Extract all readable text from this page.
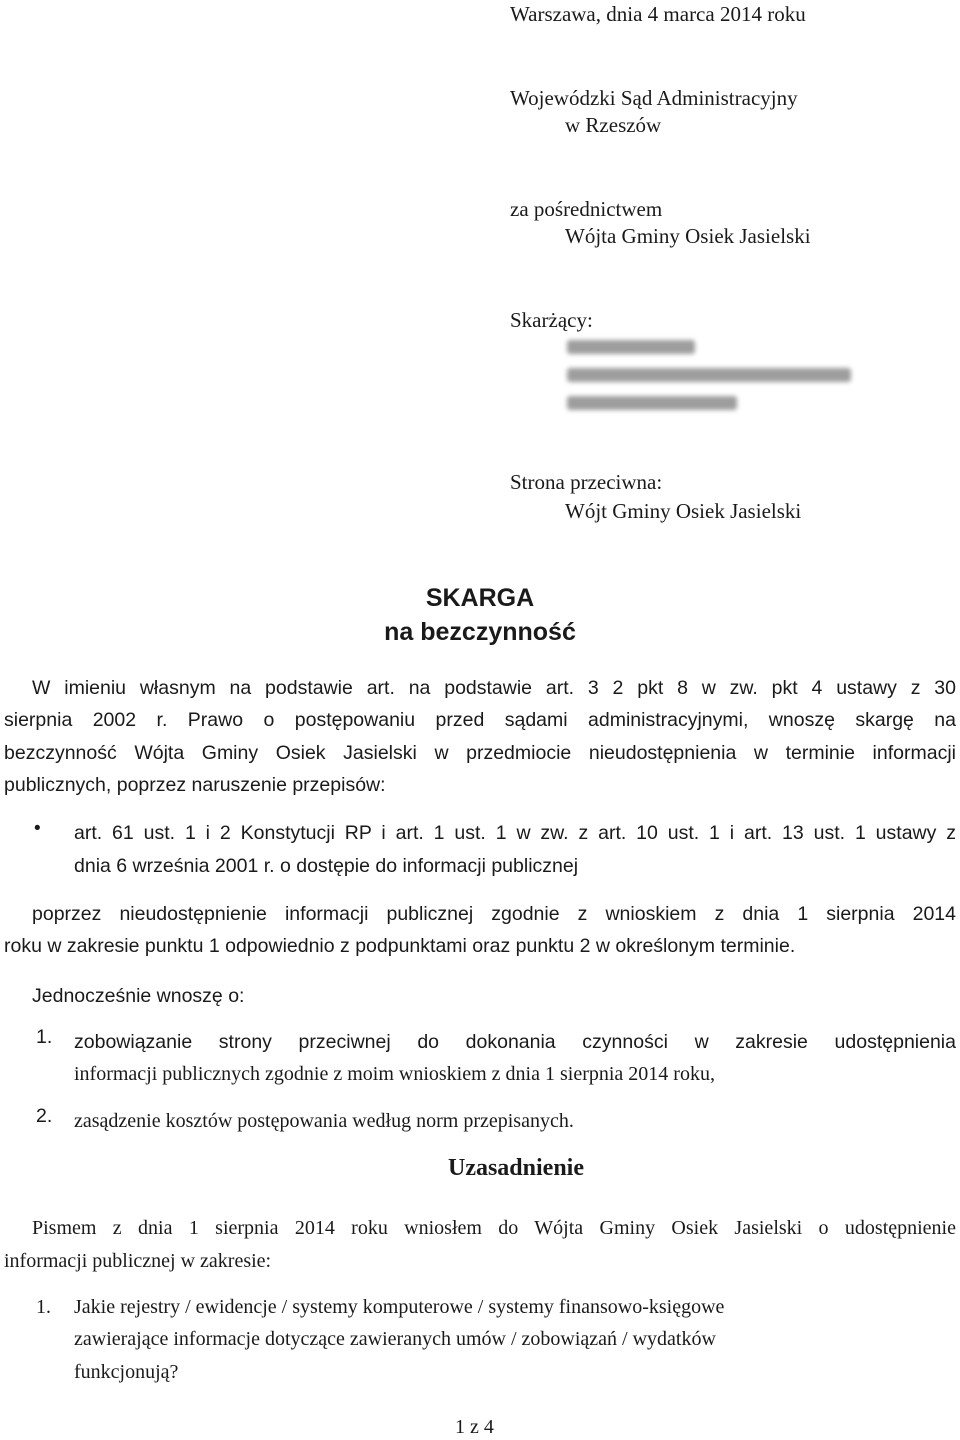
Warszawa, dnia 4 marca 2014 roku
Wojewódzki Sąd Administracyjny
w Rzeszów
za pośrednictwem
Wójta Gminy Osiek Jasielski
Skarżący:
Strona przeciwna:
Wójt Gminy Osiek Jasielski
SKARGA
na bezczynność
W imieniu własnym na podstawie art. na podstawie art. 3 2 pkt 8 w zw. pkt 4 ustawy z 30
sierpnia 2002 r. Prawo o postępowaniu przed sądami administracyjnymi, wnoszę skargę na
bezczynność Wójta Gminy Osiek Jasielski w przedmiocie nieudostępnienia w terminie informacji
publicznych, poprzez naruszenie przepisów:
• art. 61 ust. 1 i 2 Konstytucji RP i art. 1 ust. 1 w zw. z art. 10 ust. 1 i art. 13 ust. 1 ustawy z
dnia 6 września 2001 r. o dostępie do informacji publicznej
poprzez nieudostępnienie informacji publicznej zgodnie z wnioskiem z dnia 1 sierpnia 2014
roku w zakresie punktu 1 odpowiednio z podpunktami oraz punktu 2 w określonym terminie.
Jednocześnie wnoszę o:
1. zobowiązanie strony przeciwnej do dokonania czynności w zakresie udostępnienia
informacji publicznych zgodnie z moim wnioskiem z dnia 1 sierpnia 2014 roku,
2. zasądzenie kosztów postępowania według norm przepisanych.
Uzasadnienie
Pismem z dnia 1 sierpnia 2014 roku wniosłem do Wójta Gminy Osiek Jasielski o udostępnienie
informacji publicznej w zakresie:
1. Jakie rejestry / ewidencje / systemy komputerowe / systemy finansowo-księgowe
zawierające informacje dotyczące zawieranych umów / zobowiązań / wydatków
funkcjonują?
1 z 4
